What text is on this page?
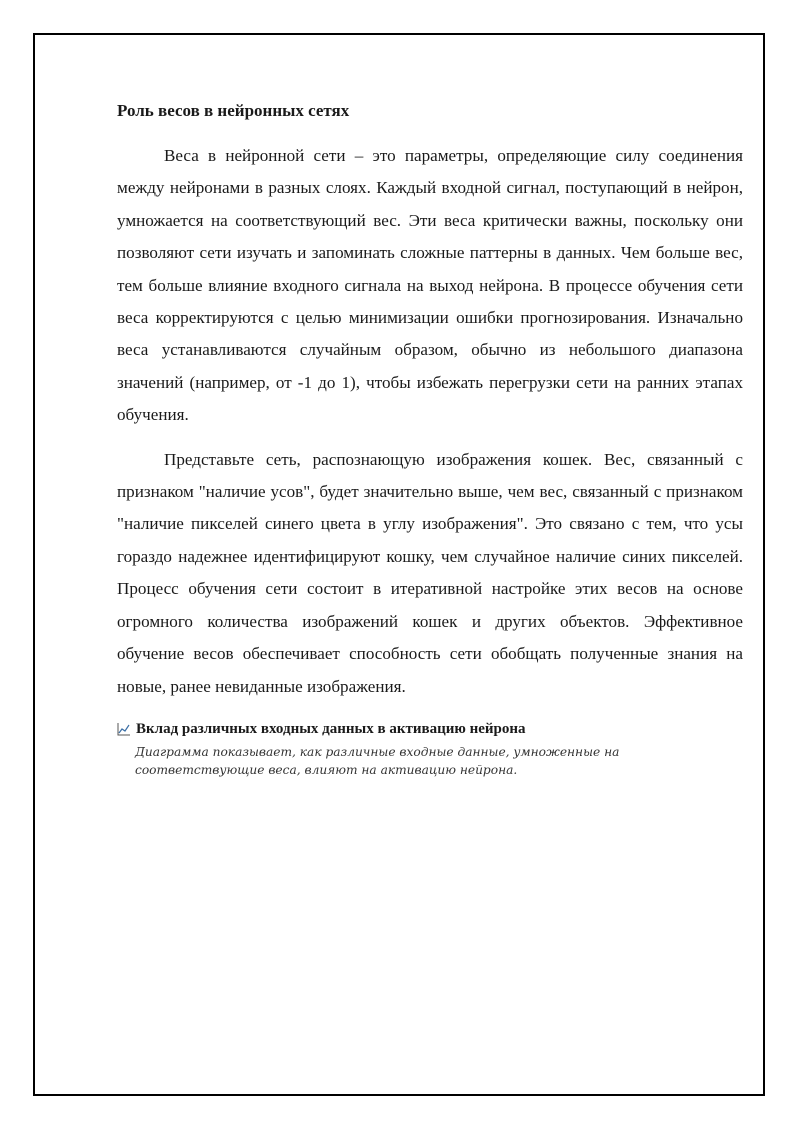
Роль весов в нейронных сетях

Веса в нейронной сети – это параметры, определяющие силу соединения между нейронами в разных слоях. Каждый входной сигнал, поступающий в нейрон, умножается на соответствующий вес. Эти веса критически важны, поскольку они позволяют сети изучать и запоминать сложные паттерны в данных. Чем больше вес, тем больше влияние входного сигнала на выход нейрона. В процессе обучения сети веса корректируются с целью минимизации ошибки прогнозирования. Изначально веса устанавливаются случайным образом, обычно из небольшого диапазона значений (например, от -1 до 1), чтобы избежать перегрузки сети на ранних этапах обучения.

Представьте сеть, распознающую изображения кошек. Вес, связанный с признаком "наличие усов", будет значительно выше, чем вес, связанный с признаком "наличие пикселей синего цвета в углу изображения". Это связано с тем, что усы гораздо надежнее идентифицируют кошку, чем случайное наличие синих пикселей. Процесс обучения сети состоит в итеративной настройке этих весов на основе огромного количества изображений кошек и других объектов. Эффективное обучение весов обеспечивает способность сети обобщать полученные знания на новые, ранее невиданные изображения.

Вклад различных входных данных в активацию нейрона
Диаграмма показывает, как различные входные данные, умноженные на соответствующие веса, влияют на активацию нейрона.
